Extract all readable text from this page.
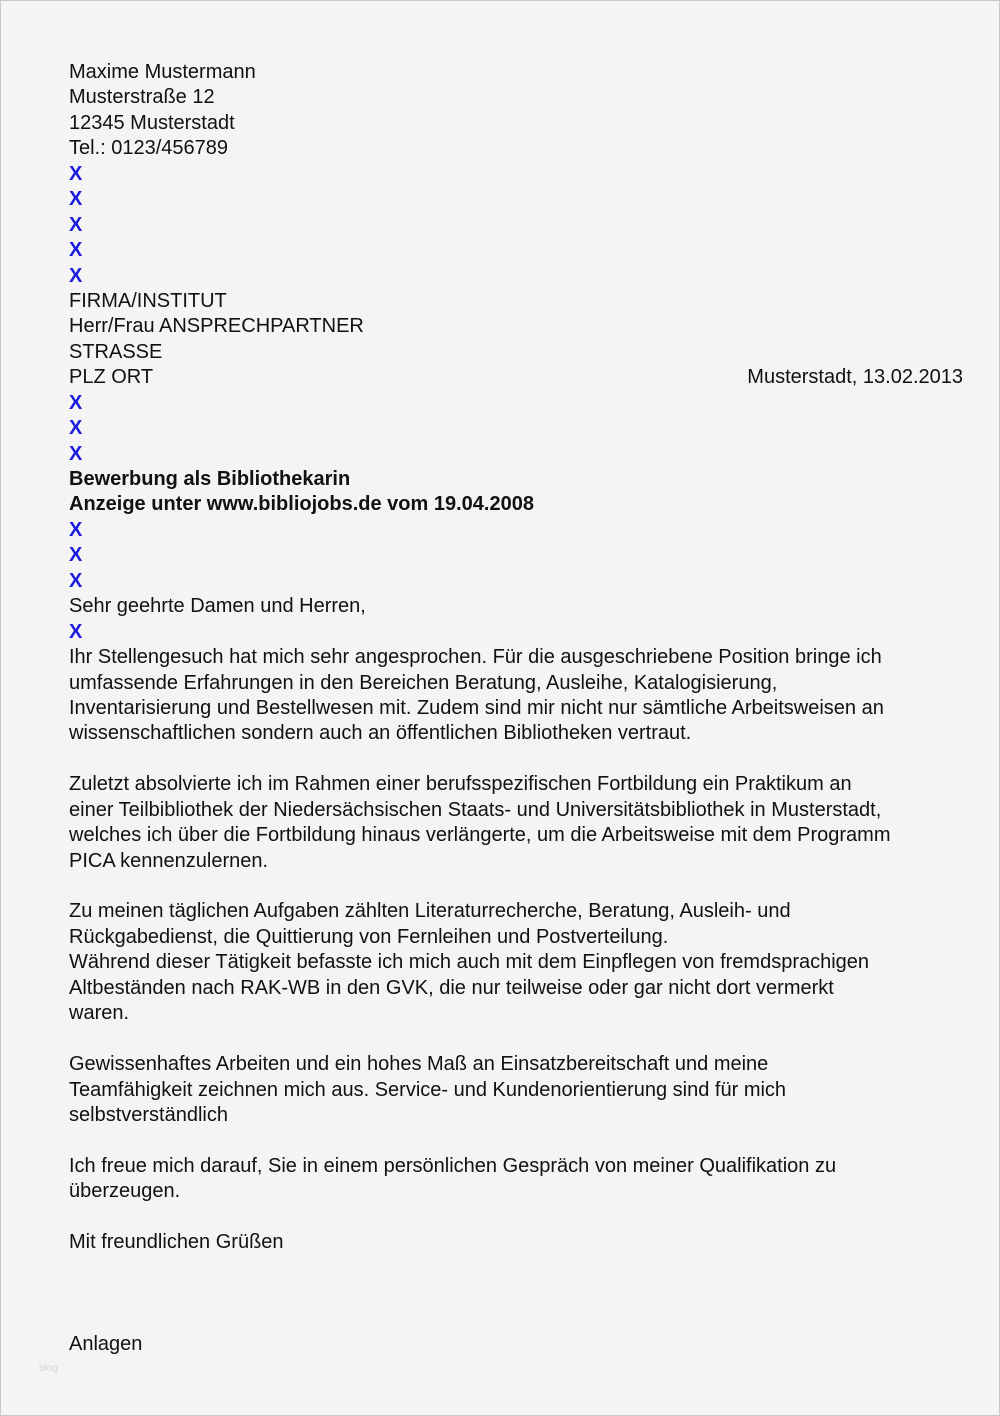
Maxime Mustermann
Musterstraße 12
12345 Musterstadt
Tel.: 0123/456789
X
X
X
X
X
FIRMA/INSTITUT
Herr/Frau ANSPRECHPARTNER
STRASSE
PLZ ORT	Musterstadt, 13.02.2013
X
X
X
Bewerbung als Bibliothekarin
Anzeige unter www.bibliojobs.de vom 19.04.2008
X
X
X
Sehr geehrte Damen und Herren,
X
Ihr Stellengesuch hat mich sehr angesprochen. Für die ausgeschriebene Position bringe ich
umfassende Erfahrungen in den Bereichen Beratung, Ausleihe, Katalogisierung,
Inventarisierung und Bestellwesen mit. Zudem sind mir nicht nur sämtliche Arbeitsweisen an
wissenschaftlichen sondern auch an öffentlichen Bibliotheken vertraut.
Zuletzt absolvierte ich im Rahmen einer berufsspezifischen Fortbildung ein Praktikum an
einer Teilbibliothek der Niedersächsischen Staats- und Universitätsbibliothek in Musterstadt,
welches ich über die Fortbildung hinaus verlängerte, um die Arbeitsweise mit dem Programm
PICA kennenzulernen.
Zu meinen täglichen Aufgaben zählten Literaturrecherche, Beratung, Ausleih- und
Rückgabedienst, die Quittierung von Fernleihen und Postverteilung.
Während dieser Tätigkeit befasste ich mich auch mit dem Einpflegen von fremdsprachigen
Altbeständen nach RAK-WB in den GVK, die nur teilweise oder gar nicht dort vermerkt
waren.
Gewissenhaftes Arbeiten und ein hohes Maß an Einsatzbereitschaft und meine
Teamfähigkeit zeichnen mich aus. Service- und Kundenorientierung sind für mich
selbstverständlich
Ich freue mich darauf, Sie in einem persönlichen Gespräch von meiner Qualifikation zu
überzeugen.
Mit freundlichen Grüßen
Anlagen
blog
